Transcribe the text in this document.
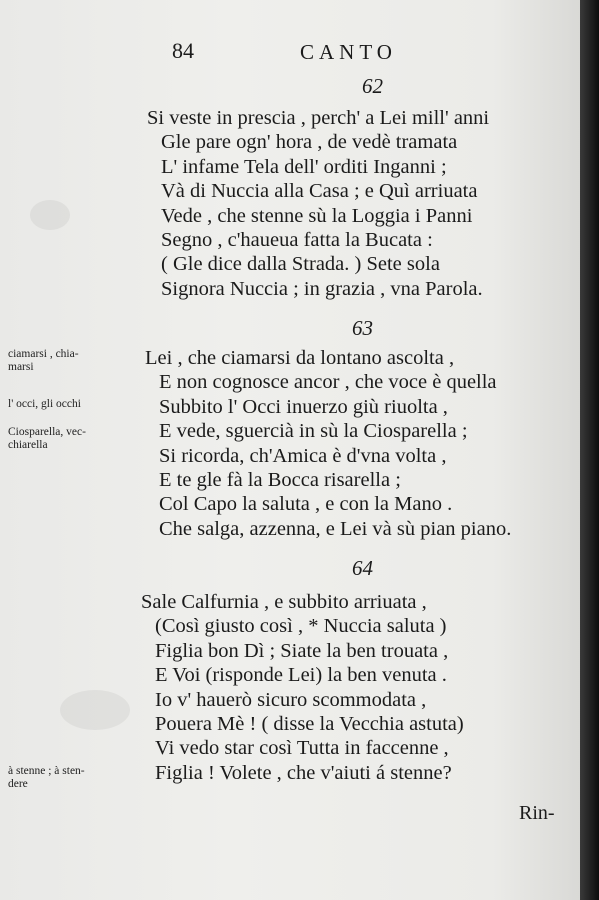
84	CANTO
62
Si veste in prescia , perch' a Lei mill' anni
Gle pare ogn' hora , de vedè tramata
L' infame Tela dell' orditi Inganni ;
Và di Nuccia alla Casa ; e Quì arriuata
Vede , che stenne sù la Loggia i Panni
Segno , c'haueua fatta la Bucata :
( Gle dice dalla Strada. ) Sete sola
Signora Nuccia ; in grazia , vna Parola.
63
Lei , che ciamarsi da lontano ascolta ,
E non cognosce ancor , che voce è quella
Subbito l' Occi inuerzo giù riuolta ,
E vede, sguercià in sù la Ciosparella ;
Si ricorda, ch'Amica è d'vna volta ,
E te gle fà la Bocca risarella ;
Col Capo la saluta , e con la Mano .
Che salga, azzenna, e Lei và sù pian piano.
64
Sale Calfurnia , e subbito arriuata ,
(Così giusto così , * Nuccia saluta )
Figlia bon Dì ; Siate la ben trouata ,
E Voi (risponde Lei) la ben venuta .
Io v' hauerò sicuro scommodata ,
Pouera Mè ! ( disse la Vecchia astuta)
Vi vedo star così Tutta in faccenne ,
Figlia ! Volete , che v'aiuti á stenne?
ciamarsi , chia-
marsi
l' occi, gli occhi
Ciosparella, vec-
chiarella
à stenne ; à sten-
dere
Rin-
